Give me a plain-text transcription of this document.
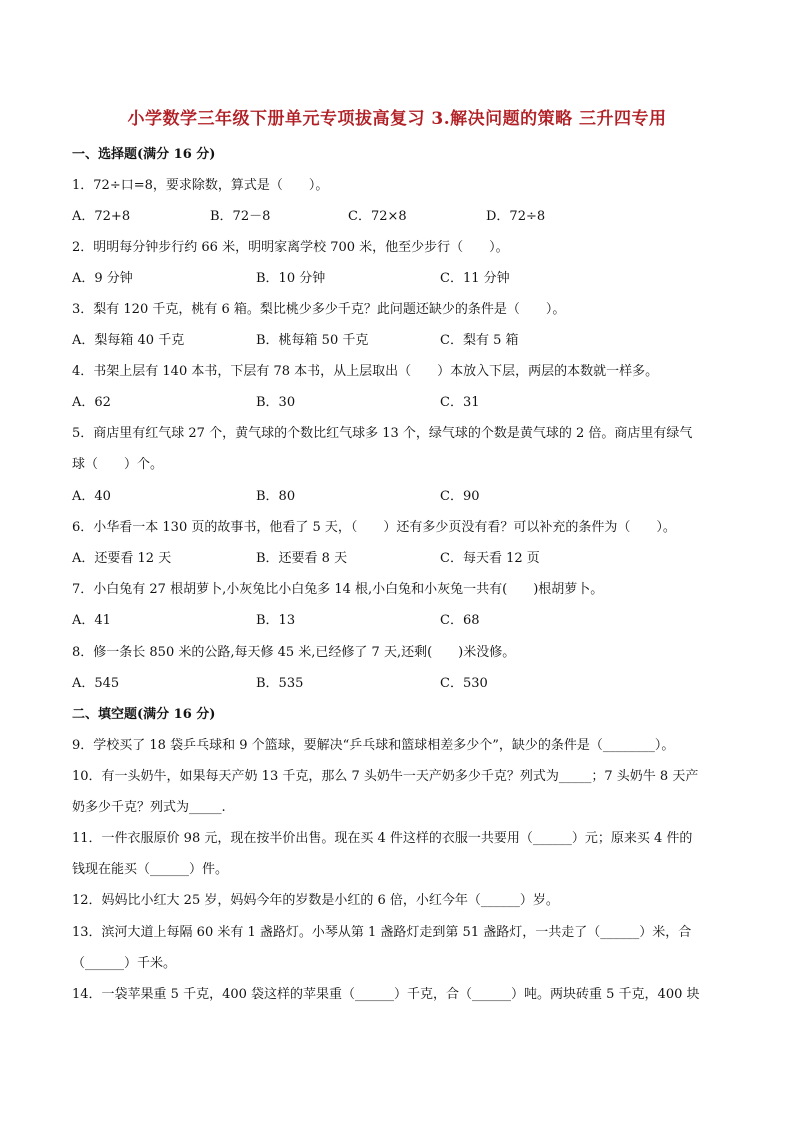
小学数学三年级下册单元专项拔高复习 3.解决问题的策略 三升四专用
一、选择题(满分 16 分)
1．72÷口=8，要求除数，算式是（　　）。
A．72+8	B．72－8	C．72×8	D．72÷8
2．明明每分钟步行约 66 米，明明家离学校 700 米，他至少步行（　　）。
A．9 分钟	B．10 分钟	C．11 分钟
3．梨有 120 千克，桃有 6 箱。梨比桃少多少千克？此问题还缺少的条件是（　　）。
A．梨每箱 40 千克	B．桃每箱 50 千克	C．梨有 5 箱
4．书架上层有 140 本书，下层有 78 本书，从上层取出（　　）本放入下层，两层的本数就一样多。
A．62	B．30	C．31
5．商店里有红气球 27 个，黄气球的个数比红气球多 13 个，绿气球的个数是黄气球的 2 倍。商店里有绿气
球（　　）个。
A．40	B．80	C．90
6．小华看一本 130 页的故事书，他看了 5 天，（　　）还有多少页没有看？可以补充的条件为（　　）。
A．还要看 12 天	B．还要看 8 天	C．每天看 12 页
7．小白兔有 27 根胡萝卜,小灰兔比小白兔多 14 根,小白兔和小灰兔一共有(　　)根胡萝卜。
A．41	B．13	C．68
8．修一条长 850 米的公路,每天修 45 米,已经修了 7 天,还剩(　　)米没修。
A．545	B．535	C．530
二、填空题(满分 16 分)
9．学校买了 18 袋乒乓球和 9 个篮球，要解决“乒乓球和篮球相差多少个”，缺少的条件是（________）。
10．有一头奶牛，如果每天产奶 13 千克，那么 7 头奶牛一天产奶多少千克？列式为_____；7 头奶牛 8 天产
奶多少千克？列式为_____.
11．一件衣服原价 98 元，现在按半价出售。现在买 4 件这样的衣服一共要用（______）元；原来买 4 件的
钱现在能买（______）件。
12．妈妈比小红大 25 岁，妈妈今年的岁数是小红的 6 倍，小红今年（______）岁。
13．滨河大道上每隔 60 米有 1 盏路灯。小琴从第 1 盏路灯走到第 51 盏路灯，一共走了（______）米，合
（______）千米。
14．一袋苹果重 5 千克，400 袋这样的苹果重（______）千克，合（______）吨。两块砖重 5 千克，400 块
